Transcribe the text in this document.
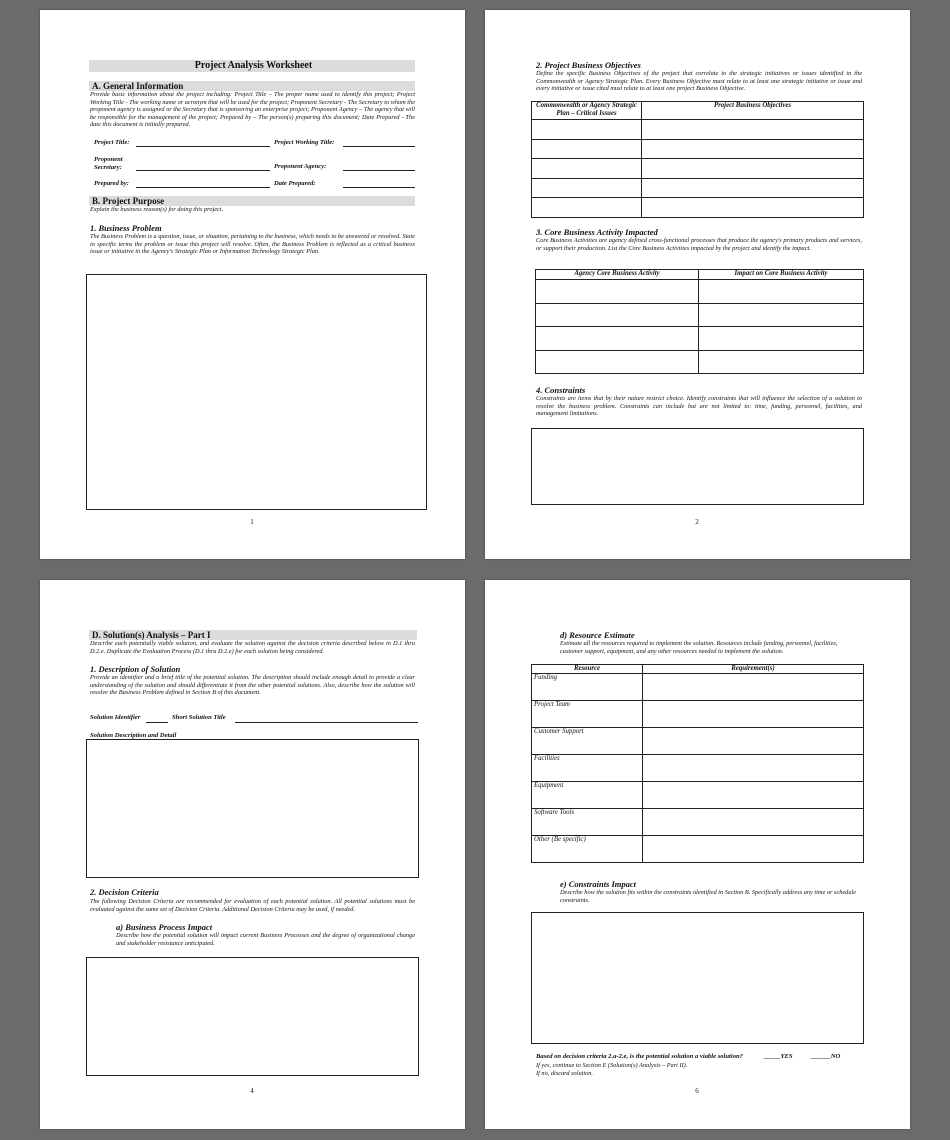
Project Analysis Worksheet
A. General Information
Provide basic information about the project including: Project Title – The proper name used to identify this project; Project Working Title - The working name or acronym that will be used for the project; Proponent Secretary - The Secretary to whom the proponent agency is assigned or the Secretary that is sponsoring an enterprise project; Proponent Agency – The agency that will be responsible for the management of the project; Prepared by – The person(s) preparing this document; Date Prepared - The date this document is initially prepared.
Project Title:	Project Working Title:
Proponent Secretary:	Proponent Agency:
Prepared by:	Date Prepared:
B. Project Purpose
Explain the business reason(s) for doing this project.
1. Business Problem
The Business Problem is a question, issue, or situation, pertaining to the business, which needs to be answered or resolved. State in specific terms the problem or issue this project will resolve. Often, the Business Problem is reflected as a critical business issue or initiative in the Agency's Strategic Plan or Information Technology Strategic Plan.
1
2. Project Business Objectives
Define the specific Business Objectives of the project that correlate to the strategic initiatives or issues identified in the Commonwealth or Agency Strategic Plan. Every Business Objective must relate to at least one strategic initiative or issue and every initiative or issue cited must relate to at least one project Business Objective.
Commonwealth or Agency Strategic Plan – Critical Issues	Project Business Objectives

3. Core Business Activity Impacted
Core Business Activities are agency defined cross-functional processes that produce the agency's primary products and services, or support their production. List the Core Business Activities impacted by the project and identify the impact.
Agency Core Business Activity	Impact on Core Business Activity

4. Constraints
Constraints are items that by their nature restrict choice. Identify constraints that will influence the selection of a solution to resolve the business problem. Constraints can include but are not limited to: time, funding, personnel, facilities, and management limitations.
2
D. Solution(s) Analysis – Part I
Describe each potentially viable solution, and evaluate the solution against the decision criteria described below in D.1 thru D.2.e. Duplicate the Evaluation Process (D.1 thru D.2.e) for each solution being considered.
1. Description of Solution
Provide an identifier and a brief title of the potential solution. The description should include enough detail to provide a clear understanding of the solution and should differentiate it from the other potential solutions. Also, describe how the solution will resolve the Business Problem defined in Section B of this document.
Solution Identifier	Short Solution Title
Solution Description and Detail
2. Decision Criteria
The following Decision Criteria are recommended for evaluation of each potential solution. All potential solutions must be evaluated against the same set of Decision Criteria. Additional Decision Criteria may be used, if needed.
a) Business Process Impact
Describe how the potential solution will impact current Business Processes and the degree of organizational change and stakeholder resistance anticipated.
4
d) Resource Estimate
Estimate all the resources required to implement the solution. Resources include funding, personnel, facilities, customer support, equipment, and any other resources needed to implement the solution.
Resource	Requirement(s)
Funding	
Project Team	
Customer Support	
Facilities	
Equipment	
Software Tools	
Other (Be specific)	
e) Constraints Impact
Describe how the solution fits within the constraints identified in Section B. Specifically address any time or schedule constraints.
Based on decision criteria 2.a-2.e, is the potential solution a viable solution?	_____YES	______NO
If yes, continue to Section E (Solution(s) Analysis – Part II).
If no, discard solution.
6
